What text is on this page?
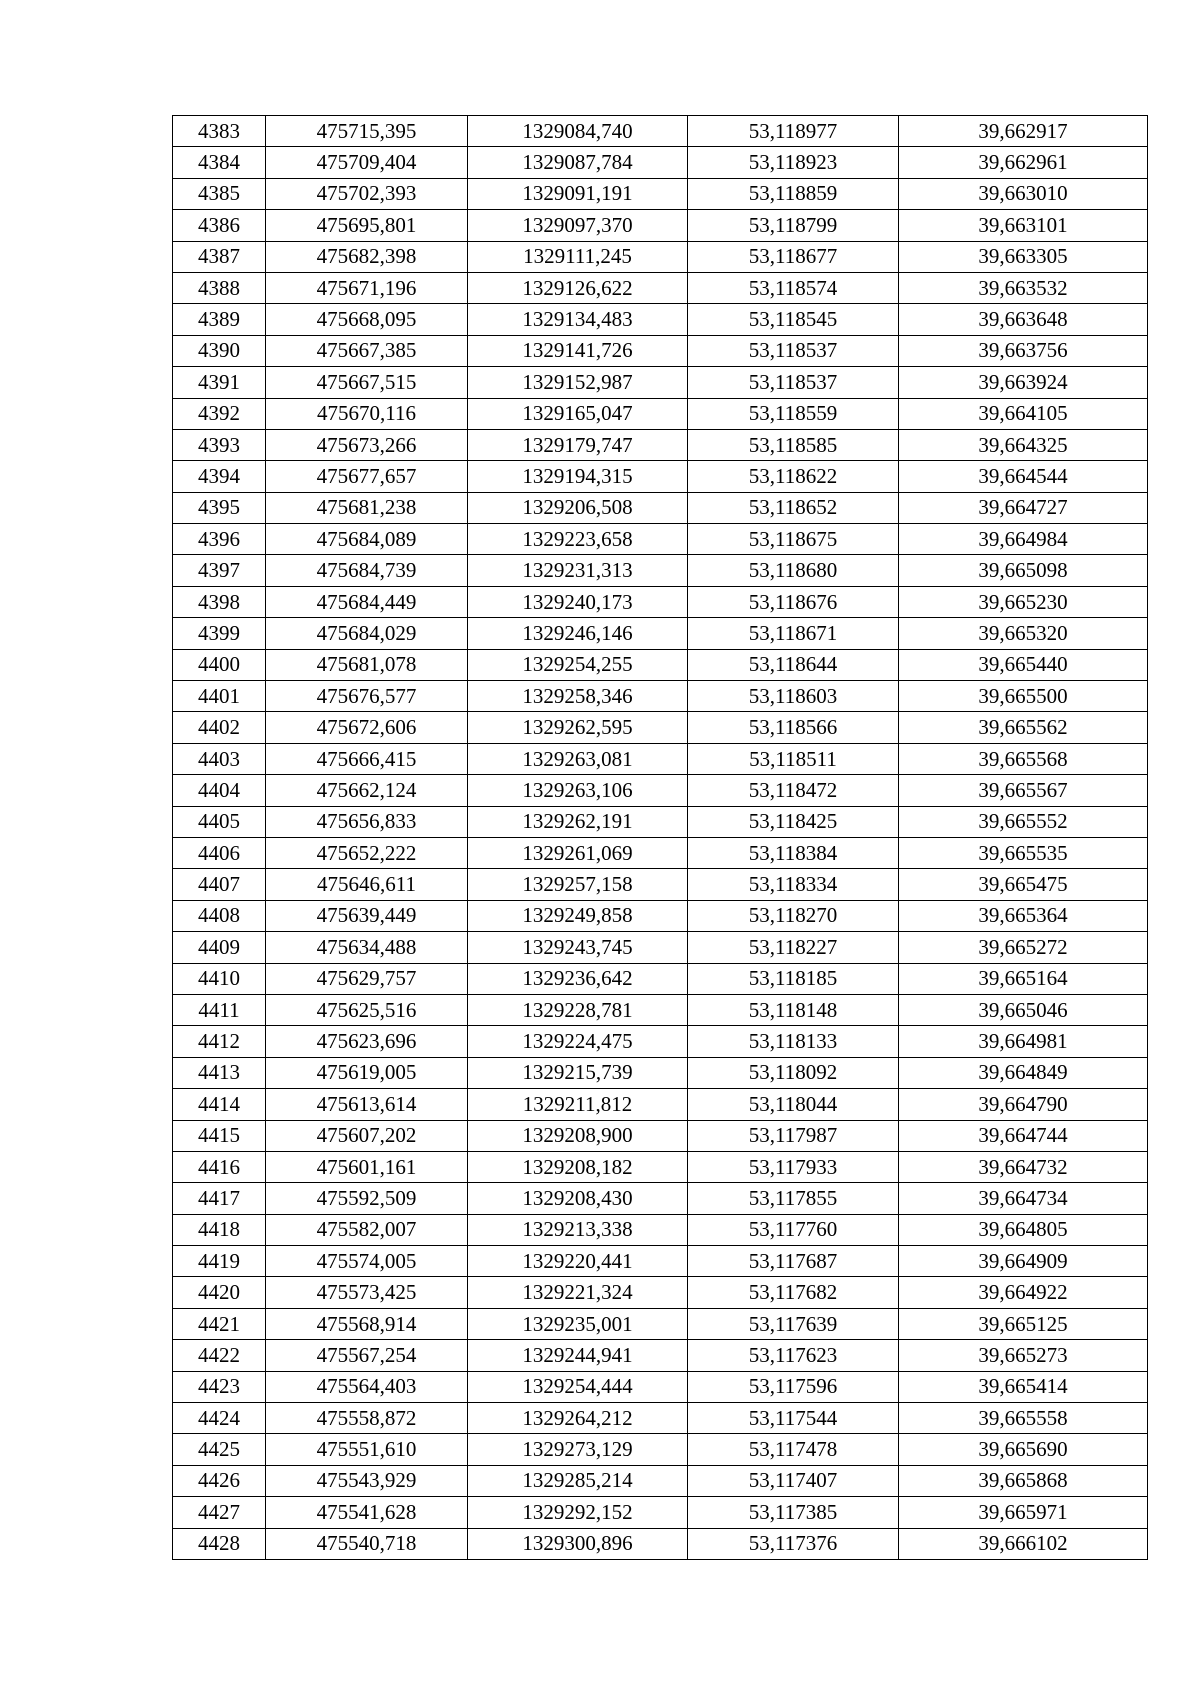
4383	475715,395	1329084,740	53,118977	39,662917
4384	475709,404	1329087,784	53,118923	39,662961
4385	475702,393	1329091,191	53,118859	39,663010
4386	475695,801	1329097,370	53,118799	39,663101
4387	475682,398	1329111,245	53,118677	39,663305
4388	475671,196	1329126,622	53,118574	39,663532
4389	475668,095	1329134,483	53,118545	39,663648
4390	475667,385	1329141,726	53,118537	39,663756
4391	475667,515	1329152,987	53,118537	39,663924
4392	475670,116	1329165,047	53,118559	39,664105
4393	475673,266	1329179,747	53,118585	39,664325
4394	475677,657	1329194,315	53,118622	39,664544
4395	475681,238	1329206,508	53,118652	39,664727
4396	475684,089	1329223,658	53,118675	39,664984
4397	475684,739	1329231,313	53,118680	39,665098
4398	475684,449	1329240,173	53,118676	39,665230
4399	475684,029	1329246,146	53,118671	39,665320
4400	475681,078	1329254,255	53,118644	39,665440
4401	475676,577	1329258,346	53,118603	39,665500
4402	475672,606	1329262,595	53,118566	39,665562
4403	475666,415	1329263,081	53,118511	39,665568
4404	475662,124	1329263,106	53,118472	39,665567
4405	475656,833	1329262,191	53,118425	39,665552
4406	475652,222	1329261,069	53,118384	39,665535
4407	475646,611	1329257,158	53,118334	39,665475
4408	475639,449	1329249,858	53,118270	39,665364
4409	475634,488	1329243,745	53,118227	39,665272
4410	475629,757	1329236,642	53,118185	39,665164
4411	475625,516	1329228,781	53,118148	39,665046
4412	475623,696	1329224,475	53,118133	39,664981
4413	475619,005	1329215,739	53,118092	39,664849
4414	475613,614	1329211,812	53,118044	39,664790
4415	475607,202	1329208,900	53,117987	39,664744
4416	475601,161	1329208,182	53,117933	39,664732
4417	475592,509	1329208,430	53,117855	39,664734
4418	475582,007	1329213,338	53,117760	39,664805
4419	475574,005	1329220,441	53,117687	39,664909
4420	475573,425	1329221,324	53,117682	39,664922
4421	475568,914	1329235,001	53,117639	39,665125
4422	475567,254	1329244,941	53,117623	39,665273
4423	475564,403	1329254,444	53,117596	39,665414
4424	475558,872	1329264,212	53,117544	39,665558
4425	475551,610	1329273,129	53,117478	39,665690
4426	475543,929	1329285,214	53,117407	39,665868
4427	475541,628	1329292,152	53,117385	39,665971
4428	475540,718	1329300,896	53,117376	39,666102
